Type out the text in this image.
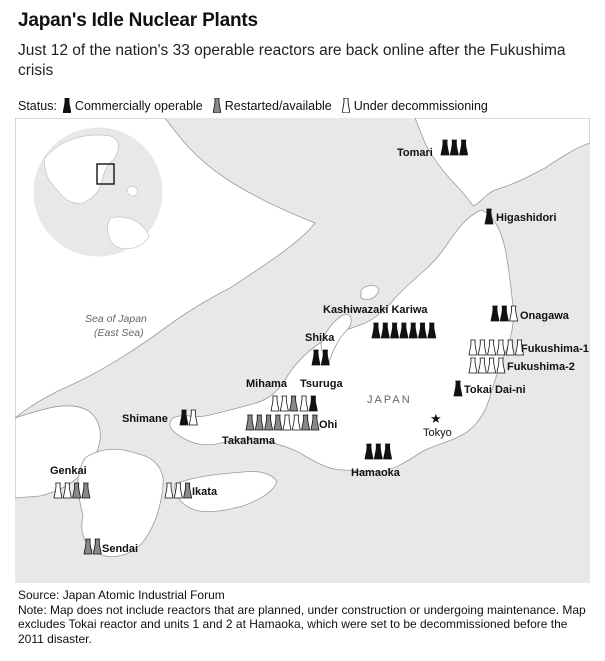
Japan's Idle Nuclear Plants
Just 12 of the nation's 33 operable reactors are back online after the Fukushima crisis
Status: Commercially operable Restarted/available Under decommissioning
Sea of Japan
(East Sea)
JAPAN
★
Tokyo
Tomari
Higashidori
Onagawa
Kashiwazaki Kariwa
Shika
Fukushima-1
Fukushima-2
Tokai Dai-ni
Mihama Tsuruga
Shimane
Takahama
Ohi
Hamaoka
Genkai
Ikata
Sendai
Source: Japan Atomic Industrial Forum
Note: Map does not include reactors that are planned, under construction or undergoing maintenance. Map excludes Tokai reactor and units 1 and 2 at Hamaoka, which were set to be decommissioned before the 2011 disaster.
